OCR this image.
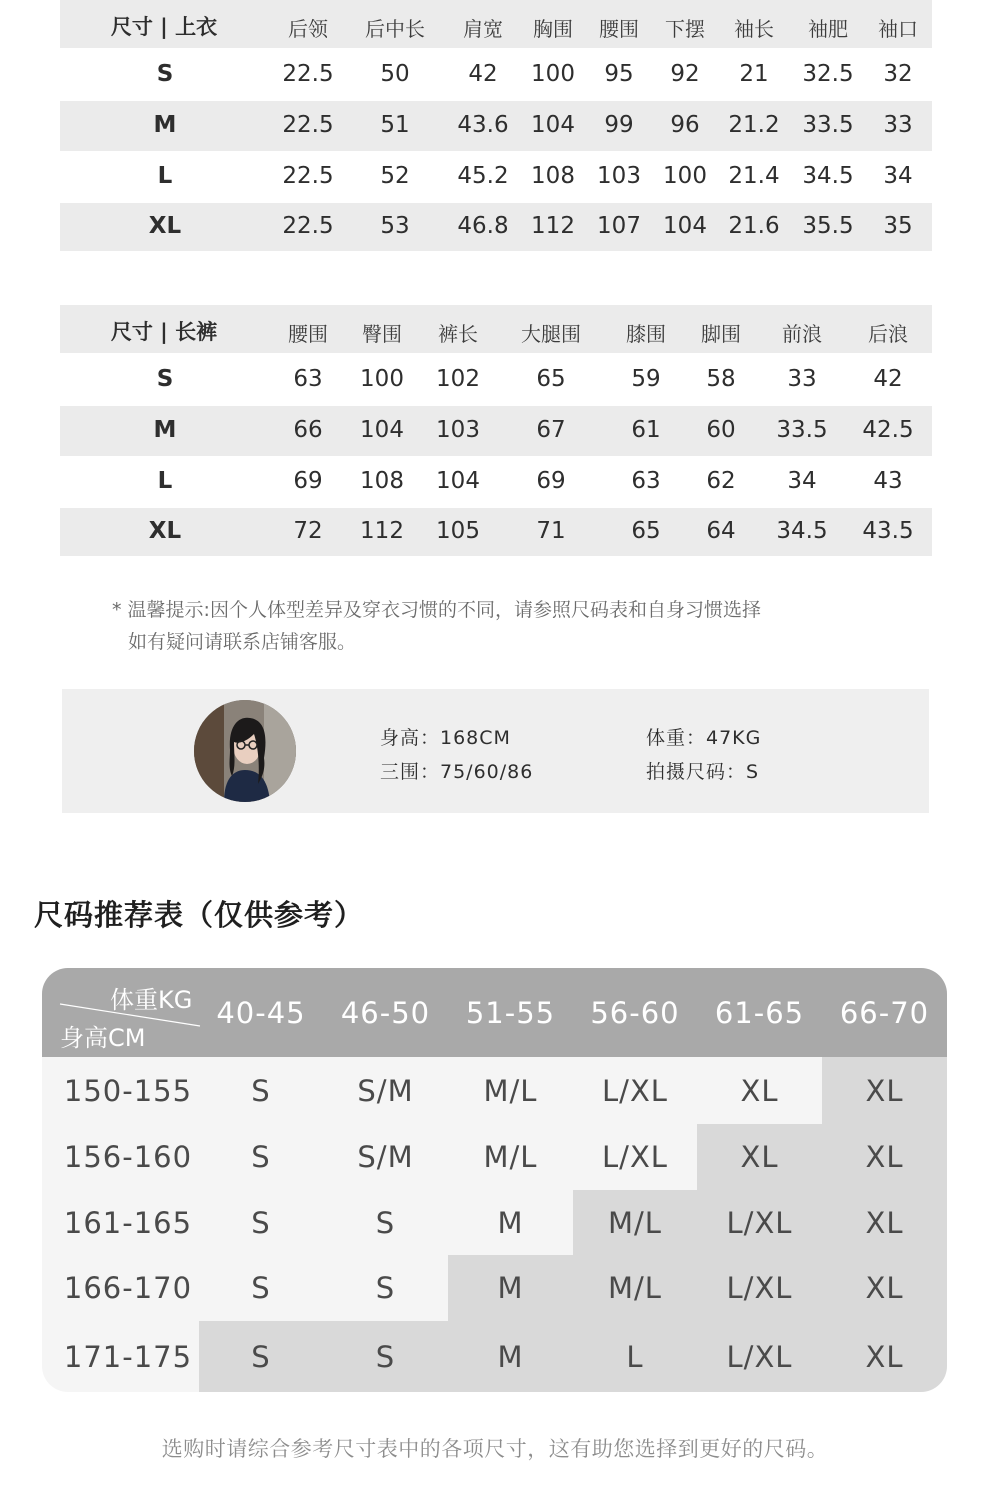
尺寸 | 上衣	后领 后中长 肩宽 胸围 腰围 下摆 袖长 袖肥 袖口
S	22.5 50	42 100 95 92 21 32.5 32
M	22.5 51 43.6 104 99 96 21.2 33.5 33
L	22.5 52 45.2 108 103 100 21.4 34.5 34
XL	22.5 53 46.8 112 107 104 21.6 35.5 35
尺寸 | 长裤	腰围 臀围 裤长 大腿围 膝围 脚围 前浪 后浪
S	63 100 102 65	59 58 33 42
M	66 104 103 67	61 60 33.5 42.5
L	69 108 104 69	63 62 34 43
XL	72 112 105 71	65 64 34.5 43.5
* 温馨提示:因个人体型差异及穿衣习惯的不同，请参照尺码表和自身习惯选择
如有疑问请联系店铺客服。
身高：168CM	体重：47KG
三围：75/60/86	拍摄尺码：S
尺码推荐表（仅供参考）
体重KG
身高CM
40-45	46-50	51-55	56-60	61-65	66-70
150-155	S	S/M	M/L	L/XL	XL	XL
156-160	S	S/M	M/L	L/XL	XL	XL
161-165	S	S	M	M/L	L/XL	XL
166-170	S	S	M	M/L	L/XL	XL
171-175	S	S	M	L	L/XL	XL
选购时请综合参考尺寸表中的各项尺寸，这有助您选择到更好的尺码。
